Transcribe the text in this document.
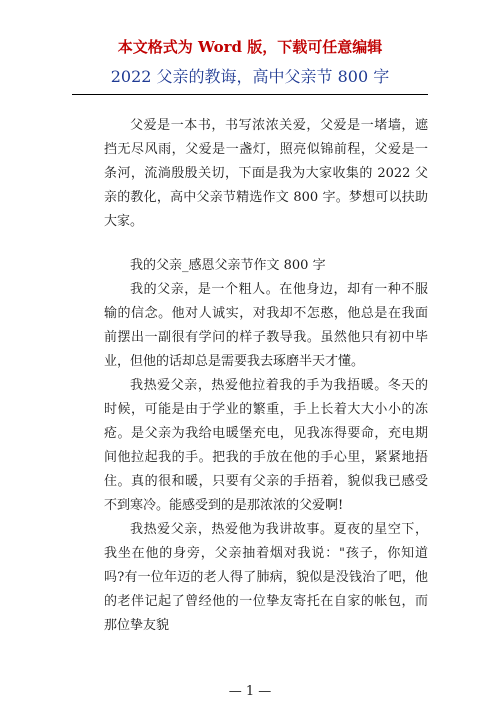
本文格式为 Word 版，下载可任意编辑
2022 父亲的教诲，高中父亲节 800 字

父爱是一本书，书写浓浓关爱，父爱是一堵墙，遮挡无尽风雨，父爱是一盏灯，照亮似锦前程，父爱是一条河，流淌殷殷关切，下面是我为大家收集的 2022 父亲的教化，高中父亲节精选作文 800 字。梦想可以扶助大家。

我的父亲_感恩父亲节作文 800 字

我的父亲，是一个粗人。在他身边，却有一种不服输的信念。他对人诚实，对我却不怎憨，他总是在我面前摆出一副很有学问的样子教导我。虽然他只有初中毕业，但他的话却总是需要我去琢磨半天才懂。

我热爱父亲，热爱他拉着我的手为我捂暖。冬天的时候，可能是由于学业的繁重，手上长着大大小小的冻疮。是父亲为我给电暖堡充电，见我冻得要命，充电期间他拉起我的手。把我的手放在他的手心里，紧紧地捂住。真的很和暖，只要有父亲的手捂着，貌似我已感受不到寒冷。能感受到的是那浓浓的父爱啊!

我热爱父亲，热爱他为我讲故事。夏夜的星空下，我坐在他的身旁，父亲抽着烟对我说："孩子，你知道吗?有一位年迈的老人得了肺病，貌似是没钱治了吧，他的老伴记起了曾经他的一位挚友寄托在自家的帐包，而那位挚友貌

— 1 —
